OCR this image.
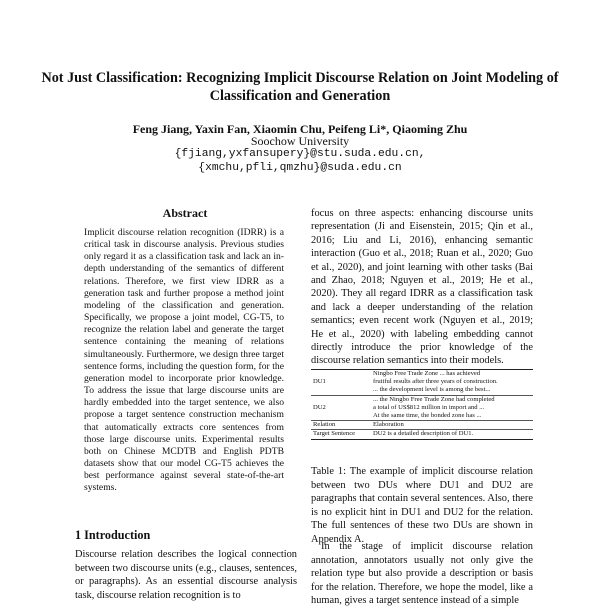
Not Just Classification: Recognizing Implicit Discourse Relation on Joint Modeling of Classification and Generation
Feng Jiang, Yaxin Fan, Xiaomin Chu, Peifeng Li*, Qiaoming Zhu
Soochow University
{fjiang,yxfansupery}@stu.suda.edu.cn,
{xmchu,pfli,qmzhu}@suda.edu.cn
Abstract
Implicit discourse relation recognition (IDRR) is a critical task in discourse analysis. Previous studies only regard it as a classification task and lack an in-depth understanding of the semantics of different relations. Therefore, we first view IDRR as a generation task and further propose a method joint modeling of the classification and generation. Specifically, we propose a joint model, CG-T5, to recognize the relation label and generate the target sentence containing the meaning of relations simultaneously. Furthermore, we design three target sentence forms, including the question form, for the generation model to incorporate prior knowledge. To address the issue that large discourse units are hardly embedded into the target sentence, we also propose a target sentence construction mechanism that automatically extracts core sentences from those large discourse units. Experimental results both on Chinese MCDTB and English PDTB datasets show that our model CG-T5 achieves the best performance against several state-of-the-art systems.
1 Introduction
Discourse relation describes the logical connection between two discourse units (e.g., clauses, sentences, or paragraphs). As an essential discourse analysis task, discourse relation recognition is to
focus on three aspects: enhancing discourse units representation (Ji and Eisenstein, 2015; Qin et al., 2016; Liu and Li, 2016), enhancing semantic interaction (Guo et al., 2018; Ruan et al., 2020; Guo et al., 2020), and joint learning with other tasks (Bai and Zhao, 2018; Nguyen et al., 2019; He et al., 2020). They all regard IDRR as a classification task and lack a deeper understanding of the relation semantics; even recent work (Nguyen et al., 2019; He et al., 2020) with labeling embedding cannot directly introduce the prior knowledge of the discourse relation semantics into their models.
DU1	Ningbo Free Trade Zone ... has achieved
	fruitful results after three years of construction.
	... the development level is among the best...
DU2	... the Ningbo Free Trade Zone had completed
	a total of US$812 million in import and ...
	At the same time, the bonded zone has ...
Relation	Elaboration
Target Sentence	DU2 is a detailed description of DU1.
Table 1: The example of implicit discourse relation between two DUs where DU1 and DU2 are paragraphs that contain several sentences. Also, there is no explicit hint in DU1 and DU2 for the relation. The full sentences of these two DUs are shown in Appendix A.
In the stage of implicit discourse relation annotation, annotators usually not only give the relation type but also provide a description or basis for the relation. Therefore, we hope the model, like a human, gives a target sentence instead of a simple
